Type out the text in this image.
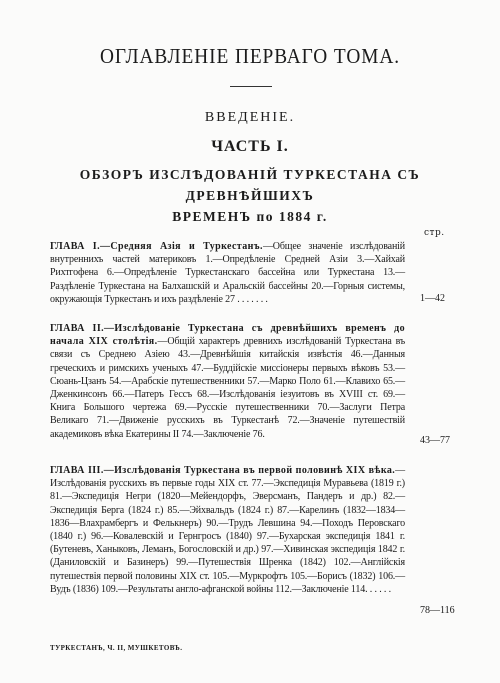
ОГЛАВЛЕНІЕ ПЕРВАГО ТОМА.
ВВЕДЕНІЕ.
ЧАСТЬ І.
ОБЗОРЪ ИЗСЛѢДОВАНІЙ ТУРКЕСТАНА СЪ ДРЕВНѢЙШИХЪ
ВРЕМЕНЪ по 1884 г.
стр.
ГЛАВА І.—Средняя Азія и Туркестанъ.—Общее значеніе изслѣдованій внутреннихъ частей материковъ 1.—Опредѣленіе Средней Азіи 3.—Хайхай Рихтгофена 6.—Опредѣленіе Туркестанскаго бассейна или Туркестана 13.—Раздѣленіе Туркестана на Балхашскій и Аральскій бассейны 20.—Горныя системы, окружающія Туркестанъ и ихъ раздѣленіе 27 . . . . . . .	1—42
ГЛАВА ІІ.—Изслѣдованіе Туркестана съ древнѣйшихъ временъ до начала XIX столѣтія.—Общій характеръ древнихъ изслѣдованій Туркестана въ связи съ Среднею Азіею 43.—Древнѣйшія китайскія извѣстія 46.—Данныя греческихъ и римскихъ ученыхъ 47.—Буддійскіе миссіонеры первыхъ вѣковъ 53.—Сюань-Цзанъ 54.—Арабскіе путешественники 57.—Марко Поло 61.—Клавихо 65.—Дженкинсонъ 66.—Патеръ Гессъ 68.—Изслѣдованія іезуитовъ въ XVIII ст. 69.—Книга Большого чертежа 69.—Русскіе путешественники 70.—Заслуги Петра Великаго 71.—Движеніе русскихъ въ Туркестанѣ 72.—Значеніе путешествій академиковъ вѣка Екатерины II 74.—Заключеніе 76.
43—77
ГЛАВА ІІІ.—Изслѣдованія Туркестана въ первой половинѣ XIX вѣка.—Изслѣдованія русскихъ въ первые годы XIX ст. 77.—Экспедиція Муравьева (1819 г.) 81.—Экспедиція Негри (1820—Мейендорфъ, Эверсманъ, Пандеръ и др.) 82.—Экспедиція Берга (1824 г.) 85.—Эйхвальдъ (1824 г.) 87.—Карелинъ (1832—1834—1836—Влахрамбергъ и Фелькнеръ) 90.—Трудъ Левшина 94.—Походъ Перовскаго (1840 г.) 96.—Ковалевскій и Гернгросъ (1840) 97.—Бухарская экспедиція 1841 г. (Бутеневъ, Ханыковъ, Леманъ, Богословскій и др.) 97.—Хивинская экспедиція 1842 г. (Даниловскій и Базинеръ) 99.—Путешествія Шренка (1842) 102.—Англійскія путешествія первой половины XIX ст. 105.—Муркрофтъ 105.—Борисъ (1832) 106.—Вудъ (1836) 109.—Результаты англо-афганской войны 112.—Заключеніе 114. . . . . .
78—116
ТУРКЕСТАНЪ, Ч. II, МУШКЕТОВЪ.
